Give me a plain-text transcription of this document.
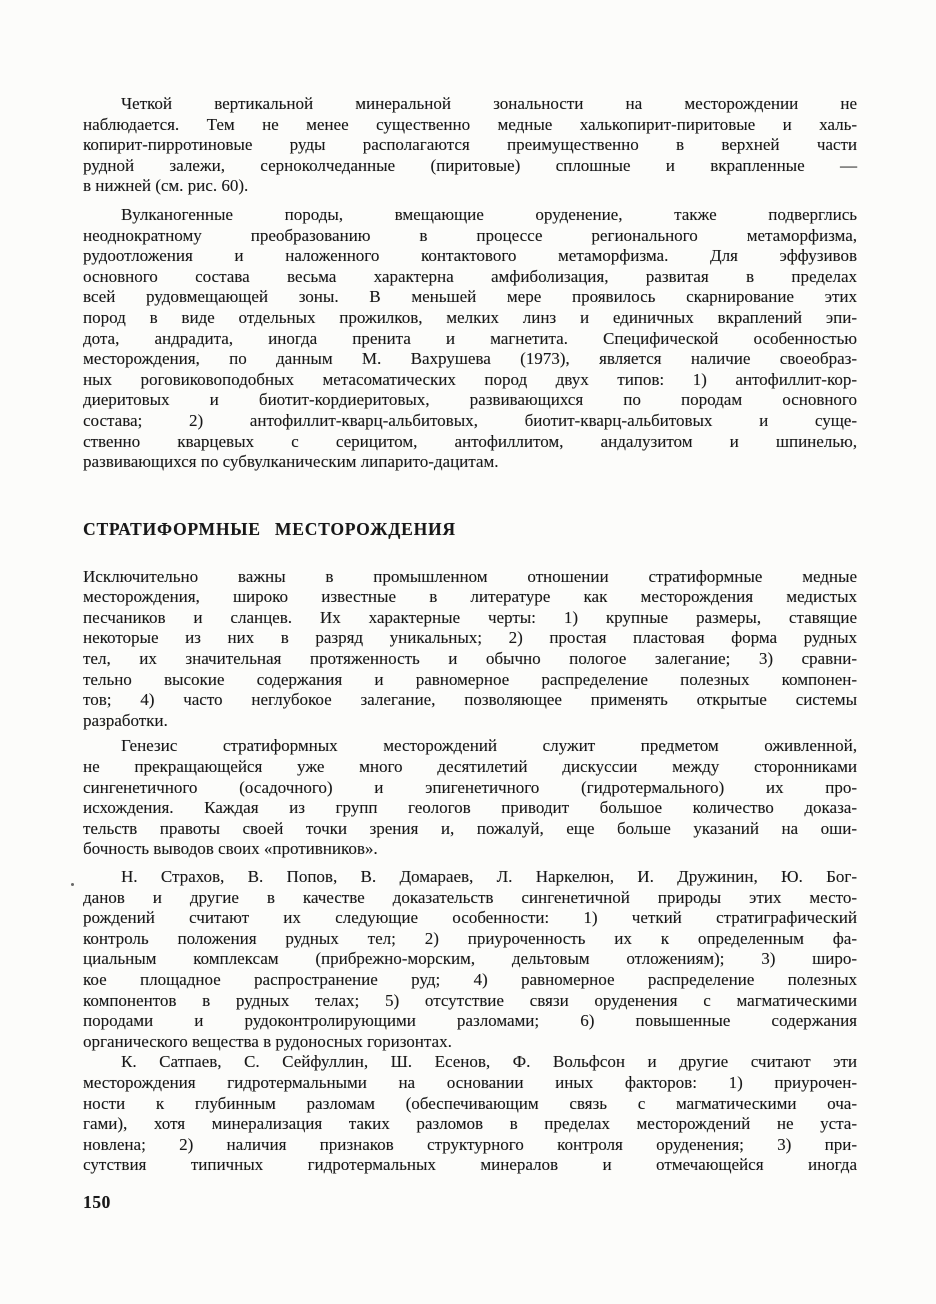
Четкой вертикальной минеральной зональности на месторождении не
наблюдается. Тем не менее существенно медные халькопирит-пиритовые и халь-
копирит-пирротиновые руды располагаются преимущественно в верхней части
рудной залежи, серноколчеданные (пиритовые) сплошные и вкрапленные —
в нижней (см. рис. 60).
Вулканогенные породы, вмещающие оруденение, также подверглись
неоднократному преобразованию в процессе регионального метаморфизма,
рудоотложения и наложенного контактового метаморфизма. Для эффузивов
основного состава весьма характерна амфиболизация, развитая в пределах
всей рудовмещающей зоны. В меньшей мере проявилось скарнирование этих
пород в виде отдельных прожилков, мелких линз и единичных вкраплений эпи-
дота, андрадита, иногда пренита и магнетита. Специфической особенностью
месторождения, по данным М. Вахрушева (1973), является наличие своеобраз-
ных роговиковоподобных метасоматических пород двух типов: 1) антофиллит-кор-
диеритовых и биотит-кордиеритовых, развивающихся по породам основного
состава; 2) антофиллит-кварц-альбитовых, биотит-кварц-альбитовых и суще-
ственно кварцевых с серицитом, антофиллитом, андалузитом и шпинелью,
развивающихся по субвулканическим липарито-дацитам.
СТРАТИФОРМНЫЕ МЕСТОРОЖДЕНИЯ
Исключительно важны в промышленном отношении стратиформные медные
месторождения, широко известные в литературе как месторождения медистых
песчаников и сланцев. Их характерные черты: 1) крупные размеры, ставящие
некоторые из них в разряд уникальных; 2) простая пластовая форма рудных
тел, их значительная протяженность и обычно пологое залегание; 3) сравни-
тельно высокие содержания и равномерное распределение полезных компонен-
тов; 4) часто неглубокое залегание, позволяющее применять открытые системы
разработки.
Генезис стратиформных месторождений служит предметом оживленной,
не прекращающейся уже много десятилетий дискуссии между сторонниками
сингенетичного (осадочного) и эпигенетичного (гидротермального) их про-
исхождения. Каждая из групп геологов приводит большое количество доказа-
тельств правоты своей точки зрения и, пожалуй, еще больше указаний на оши-
бочность выводов своих «противников».
Н. Страхов, В. Попов, В. Домараев, Л. Наркелюн, И. Дружинин, Ю. Бог-
данов и другие в качестве доказательств сингенетичной природы этих место-
рождений считают их следующие особенности: 1) четкий стратиграфический
контроль положения рудных тел; 2) приуроченность их к определенным фа-
циальным комплексам (прибрежно-морским, дельтовым отложениям); 3) широ-
кое площадное распространение руд; 4) равномерное распределение полезных
компонентов в рудных телах; 5) отсутствие связи оруденения с магматическими
породами и рудоконтролирующими разломами; 6) повышенные содержания
органического вещества в рудоносных горизонтах.
К. Сатпаев, С. Сейфуллин, Ш. Есенов, Ф. Вольфсон и другие считают эти
месторождения гидротермальными на основании иных факторов: 1) приурочен-
ности к глубинным разломам (обеспечивающим связь с магматическими оча-
гами), хотя минерализация таких разломов в пределах месторождений не уста-
новлена; 2) наличия признаков структурного контроля оруденения; 3) при-
сутствия типичных гидротермальных минералов и отмечающейся иногда
150
